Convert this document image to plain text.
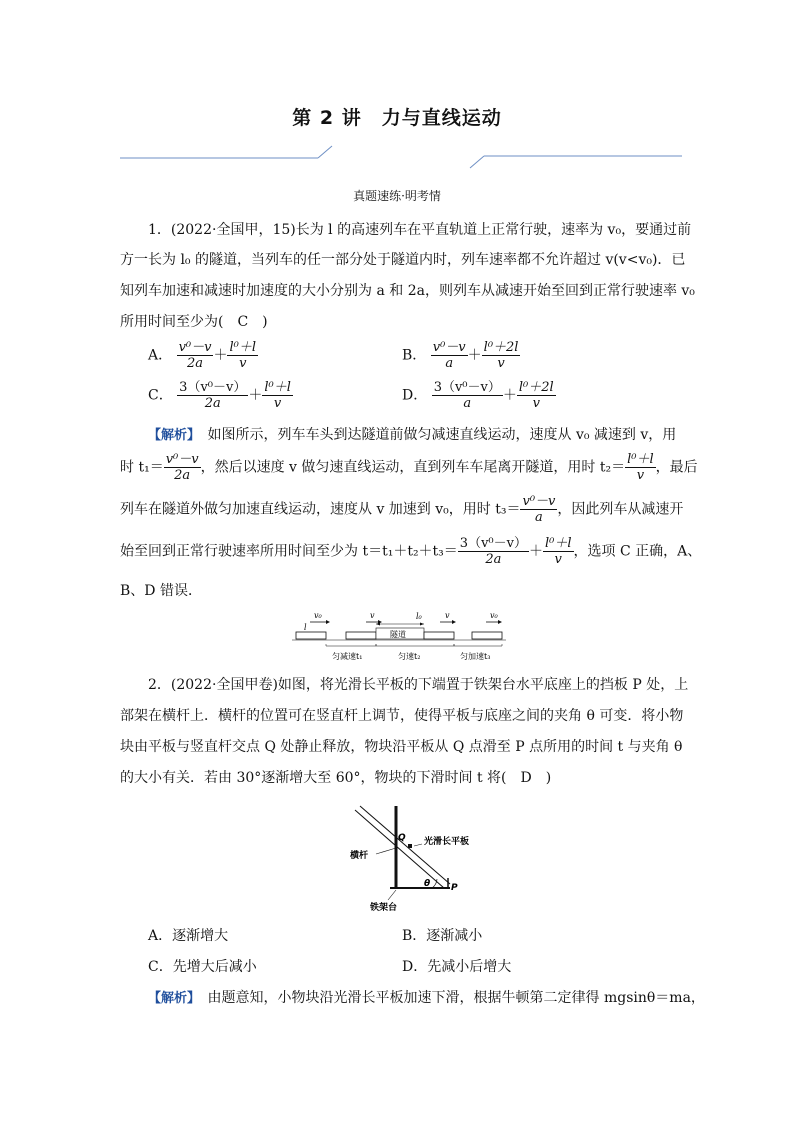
第 2 讲　力与直线运动
真题速练·明考情
1．(2022·全国甲，15)长为 l 的高速列车在平直轨道上正常行驶，速率为 v₀，要通过前
方一长为 l₀ 的隧道，当列车的任一部分处于隧道内时，列车速率都不允许超过 v(v<v₀)．已
知列车加速和减速时加速度的大小分别为 a 和 2a，则列车从减速开始至回到正常行驶速率 v₀
所用时间至少为(　C　)
A． $\frac{\text{v⁰－v}}{2a} + \frac{\text{l⁰＋l}}{v}$	B． $\frac{\text{v⁰－v}}{a} + \frac{\text{l⁰＋2l}}{v}$
C． $\frac{\text{3（v⁰－v）}}{2a} + \frac{\text{l⁰＋l}}{v}$	D． $\frac{\text{3（v⁰－v）}}{a} + \frac{\text{l⁰＋2l}}{v}$
【解析】　 如图所示，列车车头到达隧道前做匀减速直线运动，速度从 v₀ 减速到 v，用
时 $t_1= \frac{\text{v⁰－v}}{2a}$ ，然后以速度 v 做匀速直线运动，直到列车车尾离开隧道，用时 $t_2= \frac{\text{l⁰＋l}}{v}$ ，最后
列车在隧道外做匀加速直线运动，速度从 v 加速到 v₀，用时 $t_3= \frac{\text{v⁰－v}}{a}$ ，因此列车从减速开
始至回到正常行驶速率所用时间至少为 $t=t_1+t_2+t_3= \frac{\text{3（v⁰－v）}}{2a} + \frac{\text{l⁰＋l}}{v}$ ，选项 C 正确，A、
B、D 错误．
v₀	v	l₀	v	v₀
l
隧道
匀减速t₁	匀速t₂	匀加速t₃
2．(2022·全国甲卷)如图，将光滑长平板的下端置于铁架台水平底座上的挡板 P 处，上
部架在横杆上．横杆的位置可在竖直杆上调节，使得平板与底座之间的夹角 θ 可变．将小物
块由平板与竖直杆交点 Q 处静止释放，物块沿平板从 Q 点滑至 P 点所用的时间 t 与夹角 θ
的大小有关．若由 30°逐渐增大至 60°，物块的下滑时间 t 将(　D　)
Q 光滑长平板
横杆
θ P
铁架台
A．逐渐增大	B．逐渐减小
C．先增大后减小	D．先减小后增大
【解析】　 由题意知，小物块沿光滑长平板加速下滑，根据牛顿第二定律得 mgsinθ＝ma，
